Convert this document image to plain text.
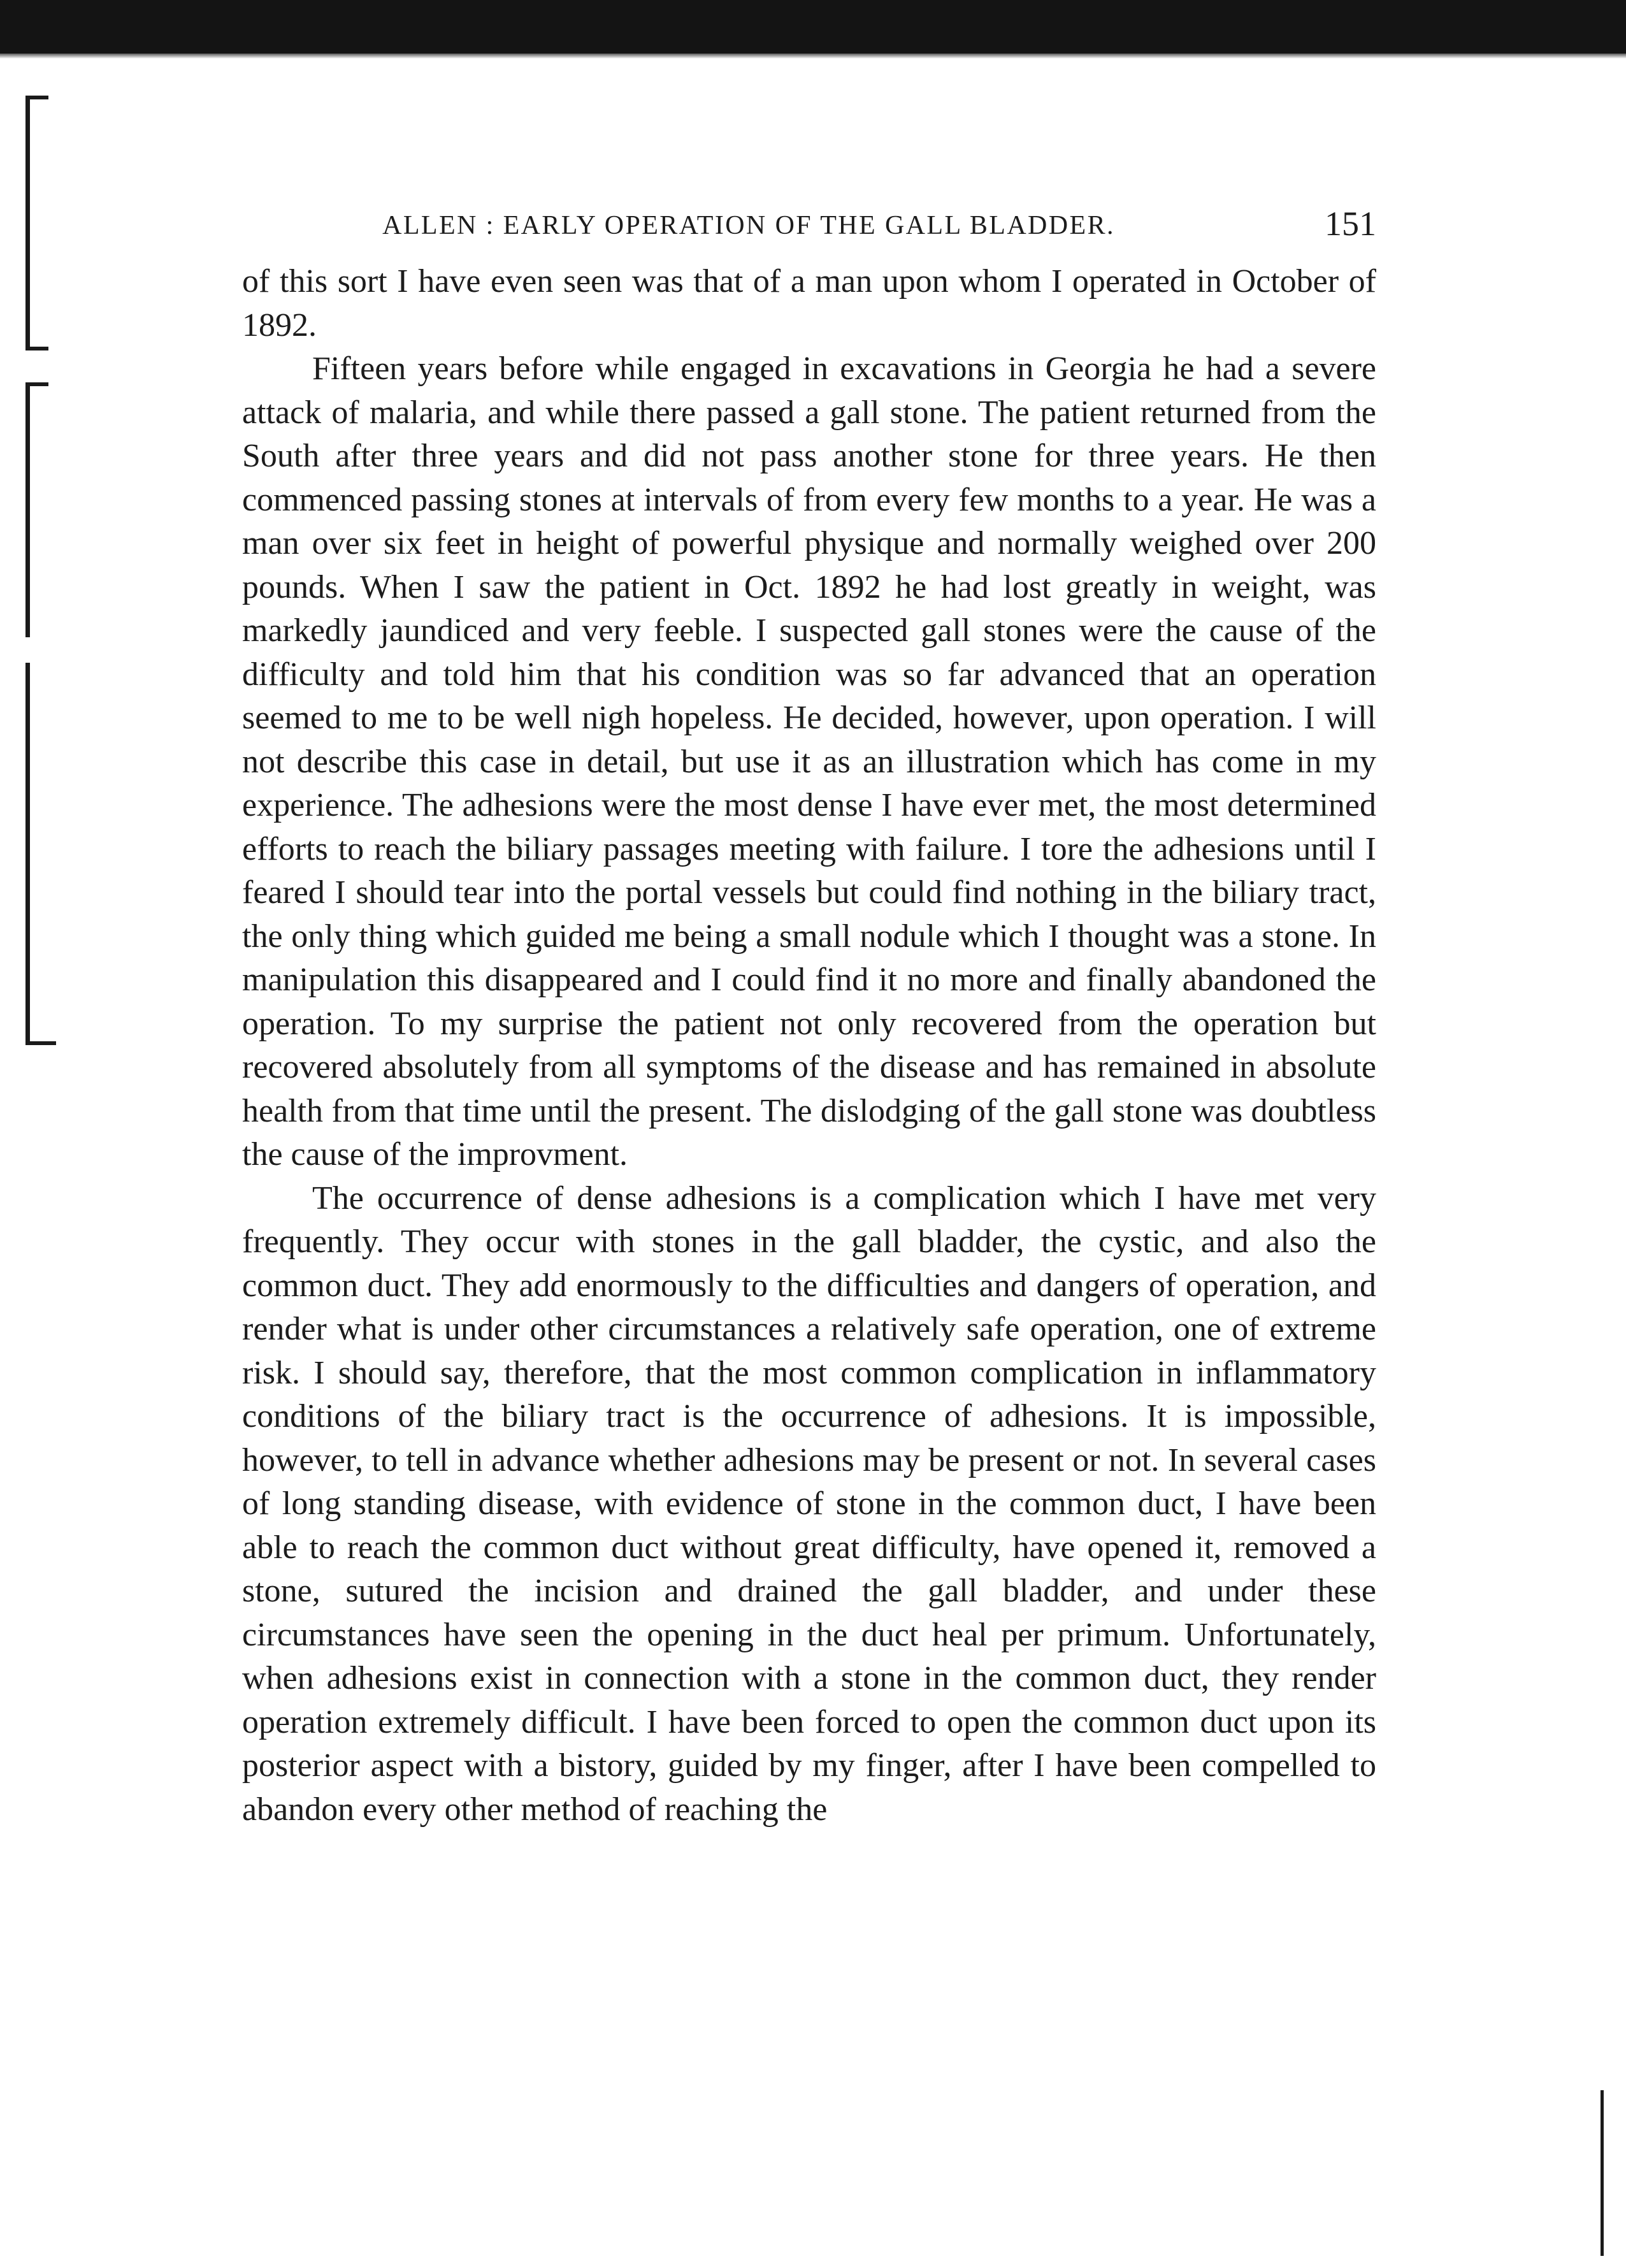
ALLEN : EARLY OPERATION OF THE GALL BLADDER.	151

of this sort I have even seen was that of a man upon whom I operated in October of 1892.

Fifteen years before while engaged in excavations in Georgia he had a severe attack of malaria, and while there passed a gall stone. The patient returned from the South after three years and did not pass another stone for three years. He then commenced passing stones at intervals of from every few months to a year. He was a man over six feet in height of powerful physique and normally weighed over 200 pounds. When I saw the patient in Oct. 1892 he had lost greatly in weight, was markedly jaundiced and very feeble. I suspected gall stones were the cause of the difficulty and told him that his condition was so far advanced that an operation seemed to me to be well nigh hopeless. He decided, however, upon operation. I will not describe this case in detail, but use it as an illustration which has come in my experience. The adhesions were the most dense I have ever met, the most determined efforts to reach the biliary passages meeting with failure. I tore the adhesions until I feared I should tear into the portal vessels but could find nothing in the biliary tract, the only thing which guided me being a small nodule which I thought was a stone. In manipulation this disappeared and I could find it no more and finally abandoned the operation. To my surprise the patient not only recovered from the operation but recovered absolutely from all symptoms of the disease and has remained in absolute health from that time until the present. The dislodging of the gall stone was doubtless the cause of the improvment.

The occurrence of dense adhesions is a complication which I have met very frequently. They occur with stones in the gall bladder, the cystic, and also the common duct. They add enormously to the difficulties and dangers of operation, and render what is under other circumstances a relatively safe operation, one of extreme risk. I should say, therefore, that the most common complication in inflammatory conditions of the biliary tract is the occurrence of adhesions. It is impossible, however, to tell in advance whether adhesions may be present or not. In several cases of long standing disease, with evidence of stone in the common duct, I have been able to reach the common duct without great difficulty, have opened it, removed a stone, sutured the incision and drained the gall bladder, and under these circumstances have seen the opening in the duct heal per primum. Unfortunately, when adhesions exist in connection with a stone in the common duct, they render operation extremely difficult. I have been forced to open the common duct upon its posterior aspect with a bistory, guided by my finger, after I have been compelled to abandon every other method of reaching the
